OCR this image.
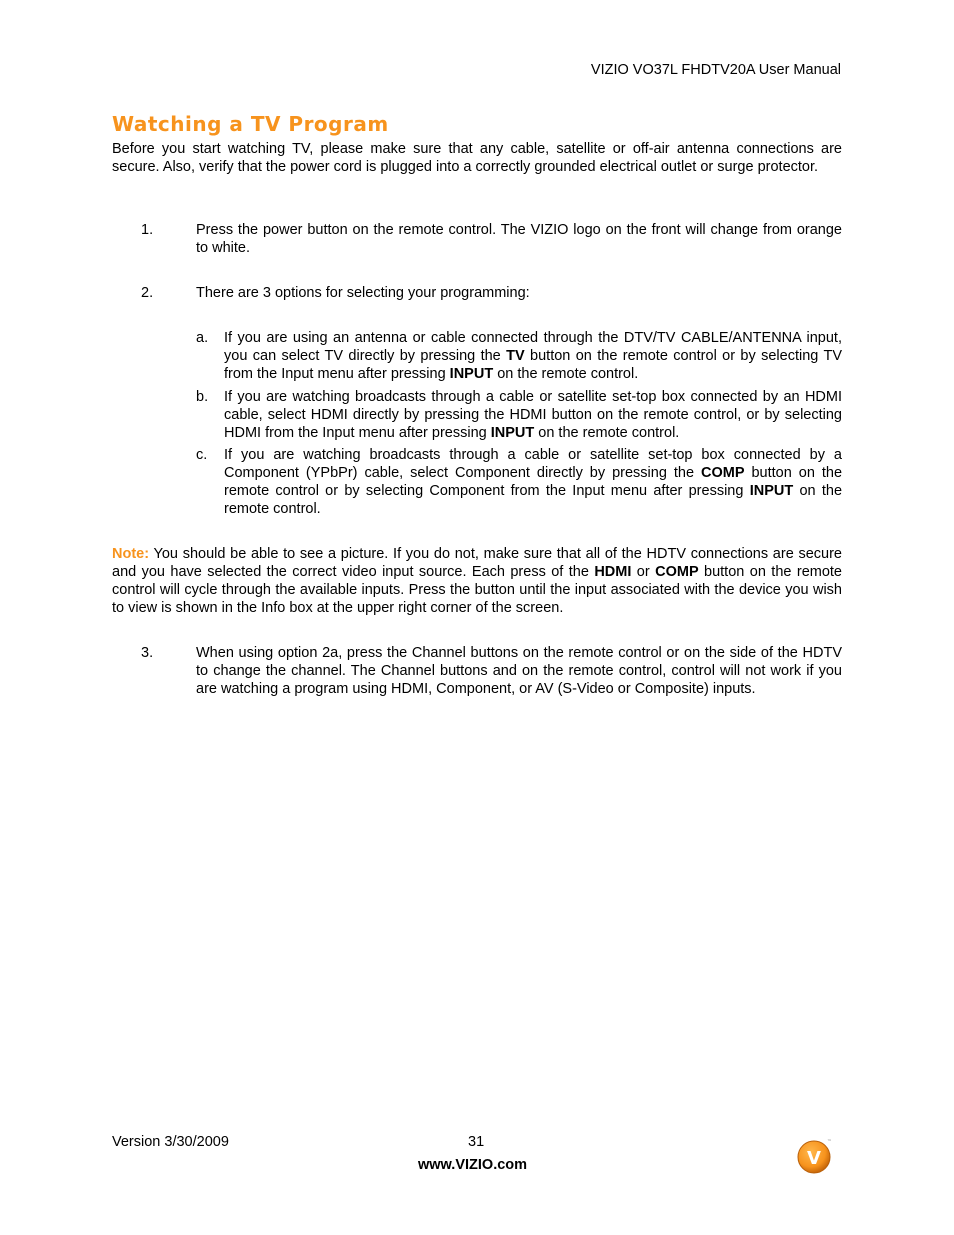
VIZIO VO37L FHDTV20A User Manual
Watching a TV Program
Before you start watching TV, please make sure that any cable, satellite or off-air antenna connections are secure. Also, verify that the power cord is plugged into a correctly grounded electrical outlet or surge protector.
1.	Press the power button on the remote control. The VIZIO logo on the front will change from orange to white.
2.	There are 3 options for selecting your programming:
a. If you are using an antenna or cable connected through the DTV/TV CABLE/ANTENNA input, you can select TV directly by pressing the TV button on the remote control or by selecting TV from the Input menu after pressing INPUT on the remote control.
b. If you are watching broadcasts through a cable or satellite set-top box connected by an HDMI cable, select HDMI directly by pressing the HDMI button on the remote control, or by selecting HDMI from the Input menu after pressing INPUT on the remote control.
c. If you are watching broadcasts through a cable or satellite set-top box connected by a Component (YPbPr) cable, select Component directly by pressing the COMP button on the remote control or by selecting Component from the Input menu after pressing INPUT on the remote control.
Note: You should be able to see a picture. If you do not, make sure that all of the HDTV connections are secure and you have selected the correct video input source. Each press of the HDMI or COMP button on the remote control will cycle through the available inputs. Press the button until the input associated with the device you wish to view is shown in the Info box at the upper right corner of the screen.
3.	When using option 2a, press the Channel buttons on the remote control or on the side of the HDTV to change the channel. The Channel buttons and on the remote control, control will not work if you are watching a program using HDMI, Component, or AV (S-Video or Composite) inputs.
Version 3/30/2009	31
www.VIZIO.com	V
™
